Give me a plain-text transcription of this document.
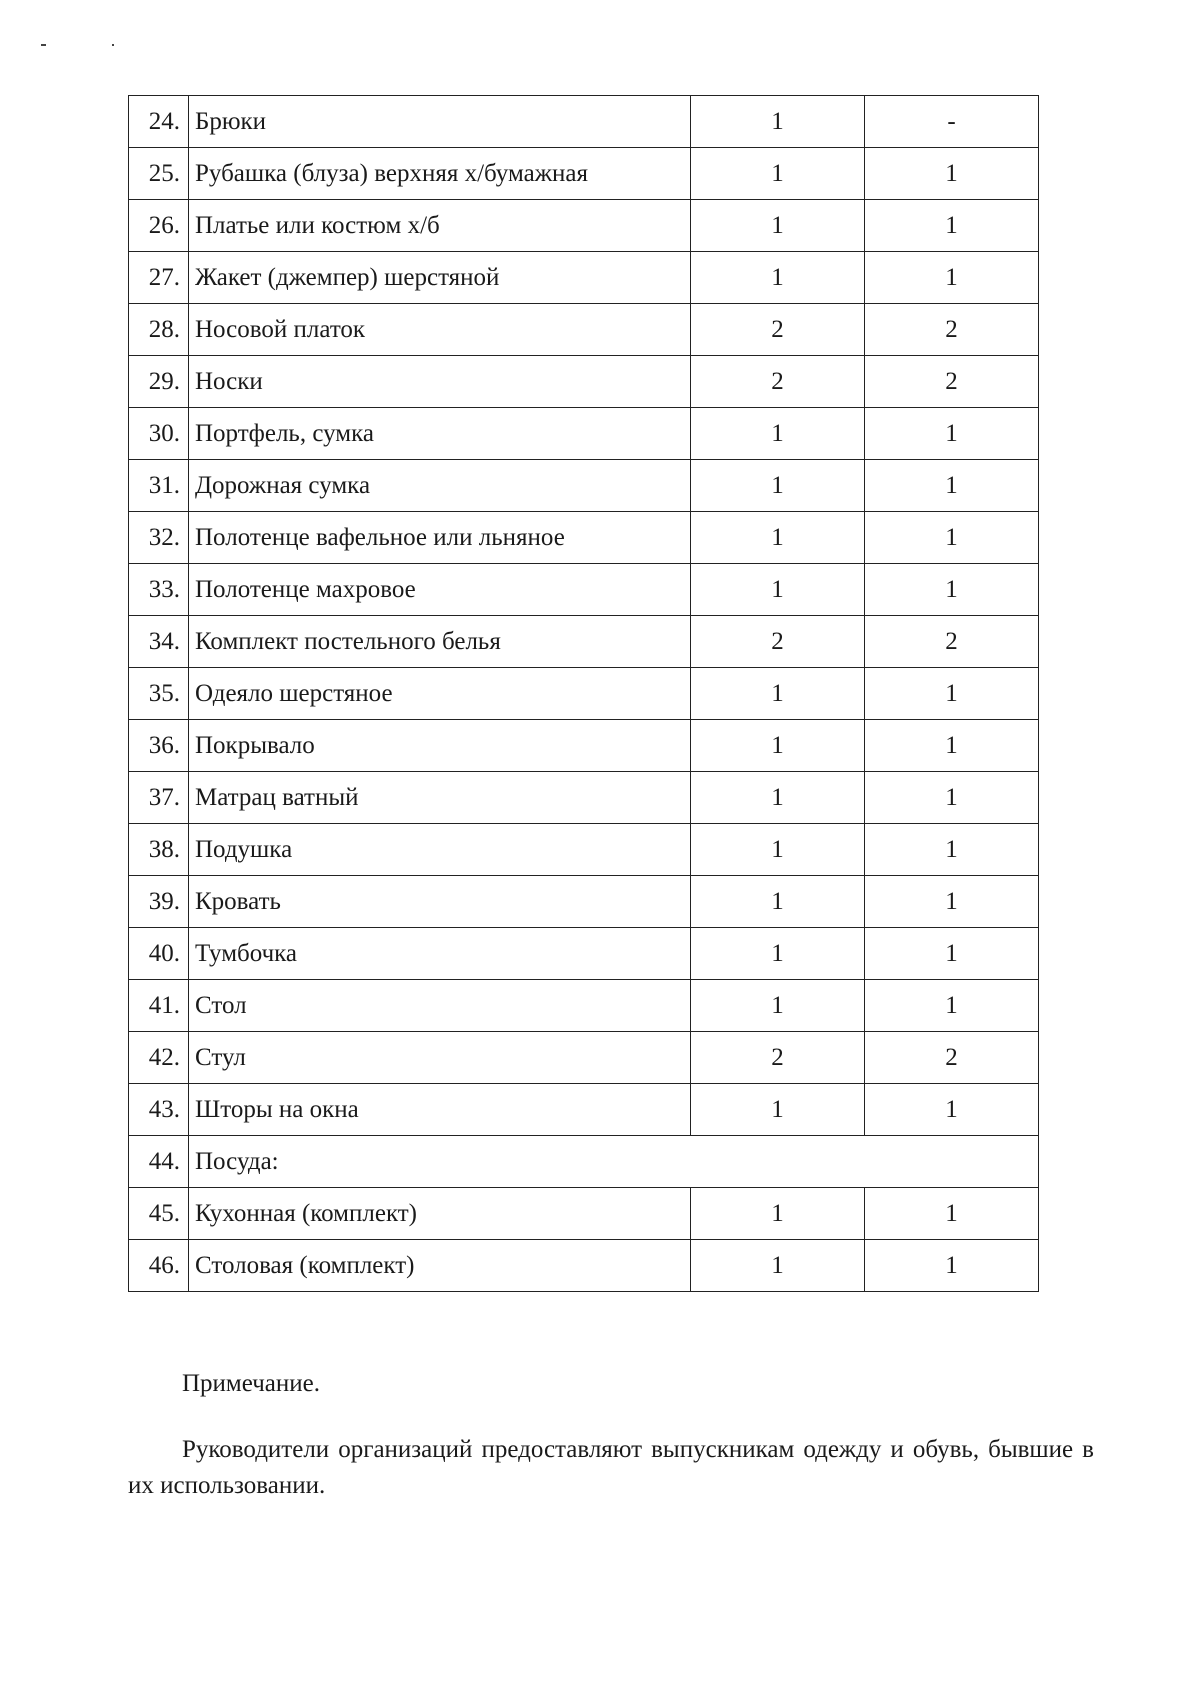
24.	Брюки	1	-
25.	Рубашка (блуза) верхняя х/бумажная	1	1
26.	Платье или костюм х/б	1	1
27.	Жакет (джемпер) шерстяной	1	1
28.	Носовой платок	2	2
29.	Носки	2	2
30.	Портфель, сумка	1	1
31.	Дорожная сумка	1	1
32.	Полотенце вафельное или льняное	1	1
33.	Полотенце махровое	1	1
34.	Комплект постельного белья	2	2
35.	Одеяло шерстяное	1	1
36.	Покрывало	1	1
37.	Матрац ватный	1	1
38.	Подушка	1	1
39.	Кровать	1	1
40.	Тумбочка	1	1
41.	Стол	1	1
42.	Стул	2	2
43.	Шторы на окна	1	1
44.	Посуда:		
45.	Кухонная (комплект)	1	1
46.	Столовая (комплект)	1	1
Примечание.
Руководители организаций предоставляют выпускникам одежду и обувь, бывшие в их использовании.
